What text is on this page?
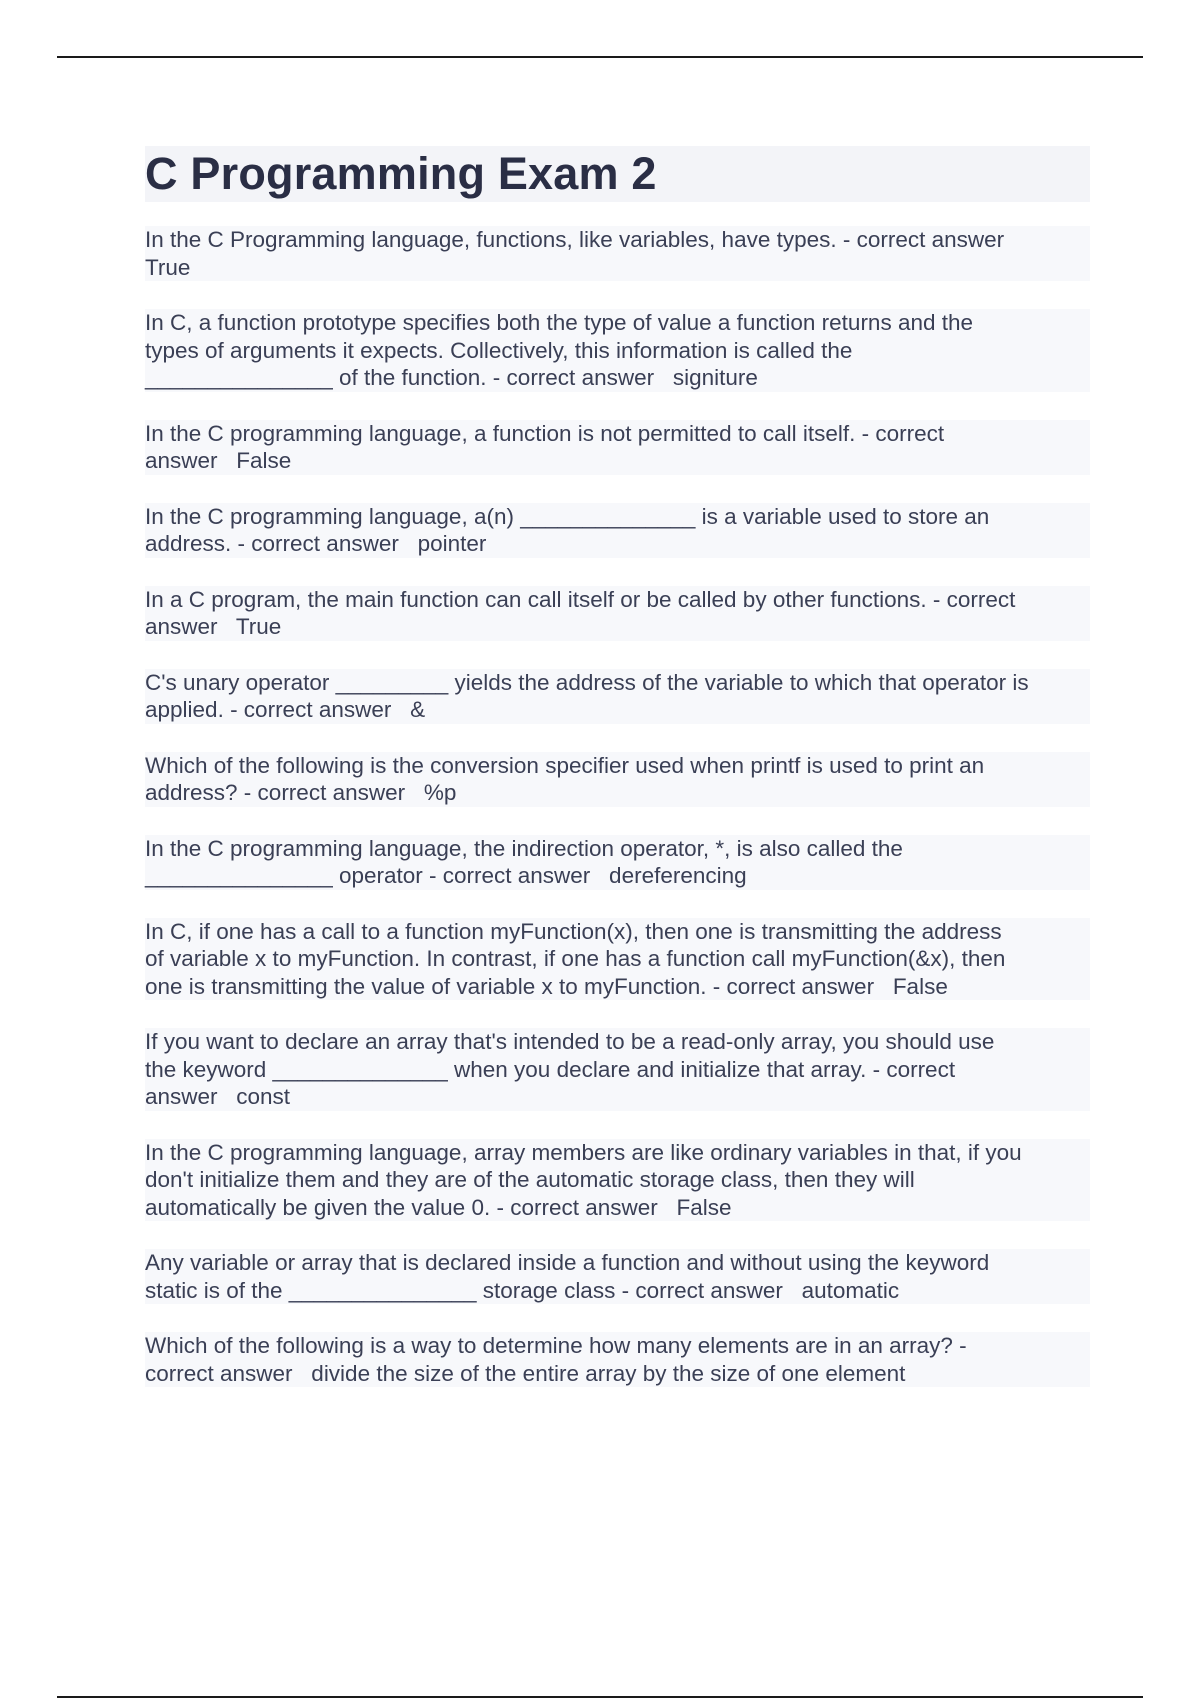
C Programming Exam 2

In the C Programming language, functions, like variables, have types. - correct answer
True

In C, a function prototype specifies both the type of value a function returns and the
types of arguments it expects. Collectively, this information is called the
_______________ of the function. - correct answer   signiture

In the C programming language, a function is not permitted to call itself. - correct
answer   False

In the C programming language, a(n) ______________ is a variable used to store an
address. - correct answer   pointer

In a C program, the main function can call itself or be called by other functions. - correct
answer   True

C's unary operator _________ yields the address of the variable to which that operator is
applied. - correct answer   &

Which of the following is the conversion specifier used when printf is used to print an
address? - correct answer   %p

In the C programming language, the indirection operator, *, is also called the
_______________ operator - correct answer   dereferencing

In C, if one has a call to a function myFunction(x), then one is transmitting the address
of variable x to myFunction. In contrast, if one has a function call myFunction(&x), then
one is transmitting the value of variable x to myFunction. - correct answer   False

If you want to declare an array that's intended to be a read-only array, you should use
the keyword ______________ when you declare and initialize that array. - correct
answer   const

In the C programming language, array members are like ordinary variables in that, if you
don't initialize them and they are of the automatic storage class, then they will
automatically be given the value 0. - correct answer   False

Any variable or array that is declared inside a function and without using the keyword
static is of the _______________ storage class - correct answer   automatic

Which of the following is a way to determine how many elements are in an array? -
correct answer   divide the size of the entire array by the size of one element
